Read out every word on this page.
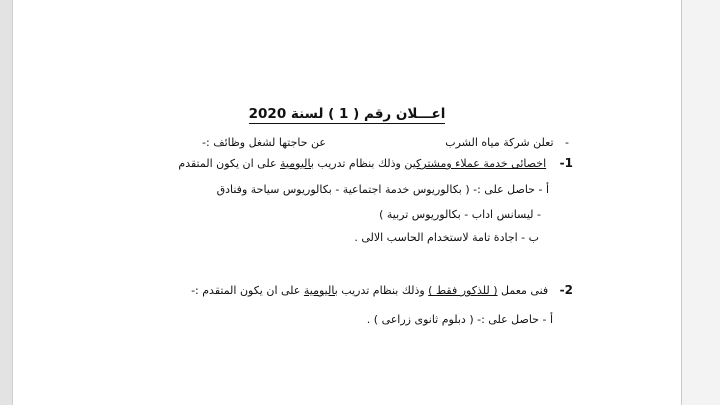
اعـــلان رقم ( 1 ) لسنة 2020
- تعلن شركة مياه الشرب
عن حاجتها لشغل وظائف :-
1- اخصائى خدمة عملاء ومشتركين وذلك بنظام تدريب باليومية على ان يكون المتقدم
أ - حاصل على :- ( بكالوريوس خدمة اجتماعية - بكالوريوس سياحة وفنادق
- ليسانس اداب - بكالوريوس تربية )
ب - اجادة تامة لاستخدام الحاسب الالى .
2- فنى معمل ( للذكور فقط ) وذلك بنظام تدريب باليومية على ان يكون المتقدم :-
أ - حاصل على :- ( دبلوم ثانوى زراعى ) .
